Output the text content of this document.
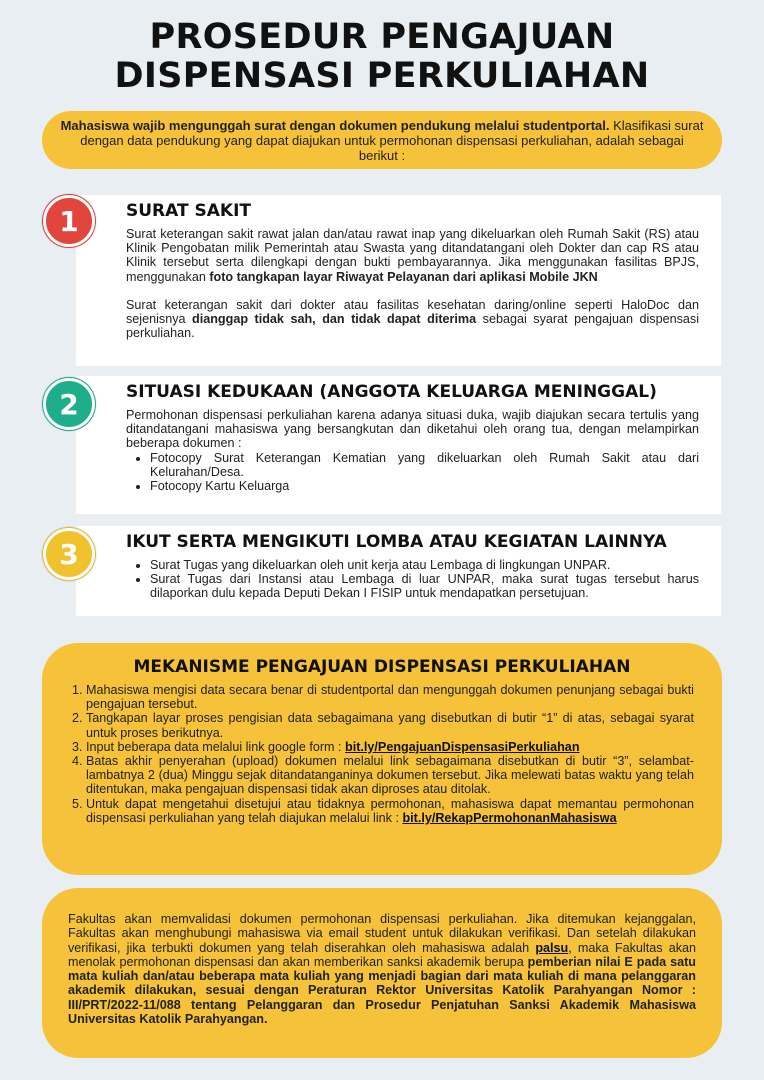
PROSEDUR PENGAJUAN
DISPENSASI PERKULIAHAN
Mahasiswa wajib mengunggah surat dengan dokumen pendukung melalui studentportal. Klasifikasi surat dengan data pendukung yang dapat diajukan untuk permohonan dispensasi perkuliahan, adalah sebagai berikut :
SURAT SAKIT

Surat keterangan sakit rawat jalan dan/atau rawat inap yang dikeluarkan oleh Rumah Sakit (RS) atau Klinik Pengobatan milik Pemerintah atau Swasta yang ditandatangani oleh Dokter dan cap RS atau Klinik tersebut serta dilengkapi dengan bukti pembayarannya. Jika menggunakan fasilitas BPJS, menggunakan foto tangkapan layar Riwayat Pelayanan dari aplikasi Mobile JKN

Surat keterangan sakit dari dokter atau fasilitas kesehatan daring/online seperti HaloDoc dan sejenisnya dianggap tidak sah, dan tidak dapat diterima sebagai syarat pengajuan dispensasi perkuliahan.

1
SITUASI KEDUKAAN (ANGGOTA KELUARGA MENINGGAL)

Permohonan dispensasi perkuliahan karena adanya situasi duka, wajib diajukan secara tertulis yang ditandatangani mahasiswa yang bersangkutan dan diketahui oleh orang tua, dengan melampirkan beberapa dokumen :

• Fotocopy Surat Keterangan Kematian yang dikeluarkan oleh Rumah Sakit atau dari Kelurahan/Desa.
• Fotocopy Kartu Keluarga
2
IKUT SERTA MENGIKUTI LOMBA ATAU KEGIATAN LAINNYA
• Surat Tugas yang dikeluarkan oleh unit kerja atau Lembaga di lingkungan UNPAR.
• Surat Tugas dari Instansi atau Lembaga di luar UNPAR, maka surat tugas tersebut harus dilaporkan dulu kepada Deputi Dekan I FISIP untuk mendapatkan persetujuan.
3
MEKANISME PENGAJUAN DISPENSASI PERKULIAHAN
1. Mahasiswa mengisi data secara benar di studentportal dan mengunggah dokumen penunjang sebagai bukti pengajuan tersebut.
2. Tangkapan layar proses pengisian data sebagaimana yang disebutkan di butir “1” di atas, sebagai syarat untuk proses berikutnya.
3. Input beberapa data melalui link google form : bit.ly/PengajuanDispensasiPerkuliahan
4. Batas akhir penyerahan (upload) dokumen melalui link sebagaimana disebutkan di butir “3”, selambat-lambatnya 2 (dua) Minggu sejak ditandatanganinya dokumen tersebut. Jika melewati batas waktu yang telah ditentukan, maka pengajuan dispensasi tidak akan diproses atau ditolak.
5. Untuk dapat mengetahui disetujui atau tidaknya permohonan, mahasiswa dapat memantau permohonan dispensasi perkuliahan yang telah diajukan melalui link : bit.ly/RekapPermohonanMahasiswa
Fakultas akan memvalidasi dokumen permohonan dispensasi perkuliahan. Jika ditemukan kejanggalan, Fakultas akan menghubungi mahasiswa via email student untuk dilakukan verifikasi. Dan setelah dilakukan verifikasi, jika terbukti dokumen yang telah diserahkan oleh mahasiswa adalah palsu, maka Fakultas akan menolak permohonan dispensasi dan akan memberikan sanksi akademik berupa pemberian nilai E pada satu mata kuliah dan/atau beberapa mata kuliah yang menjadi bagian dari mata kuliah di mana pelanggaran akademik dilakukan, sesuai dengan Peraturan Rektor Universitas Katolik Parahyangan Nomor : III/PRT/2022-11/088 tentang Pelanggaran dan Prosedur Penjatuhan Sanksi Akademik Mahasiswa Universitas Katolik Parahyangan.
